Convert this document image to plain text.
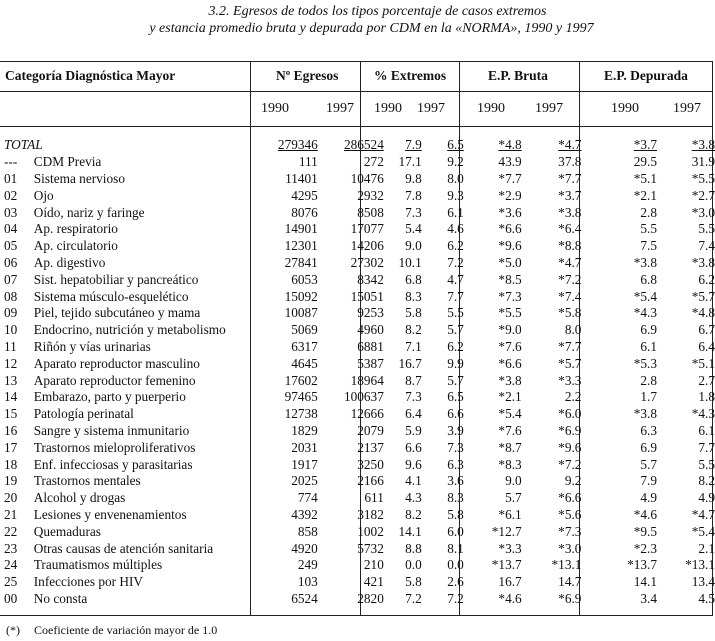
3.2. Egresos de todos los tipos porcentaje de casos extremos
y estancia promedio bruta y depurada por CDM en la «NORMA», 1990 y 1997
Categoría Diagnóstica Mayor	Nº Egresos	% Extremos	E.P. Bruta	E.P. Depurada
1990	1997	1990	1997	1990	1997	1990	1997
TOTAL		279346	286524	7.9	6.5	*4.8	*4.7	*3.7	*3.8
---	CDM Previa	111	272	17.1	9.2	43.9	37.8	29.5	31.9
01	Sistema nervioso	11401	10476	9.8	8.0	*7.7	*7.7	*5.1	*5.5
02	Ojo	4295	2932	7.8	9.3	*2.9	*3.7	*2.1	*2.7
03	Oído, nariz y faringe	8076	8508	7.3	6.1	*3.6	*3.8	2.8	*3.0
04	Ap. respiratorio	14901	17077	5.4	4.6	*6.6	*6.4	5.5	5.5
05	Ap. circulatorio	12301	14206	9.0	6.2	*9.6	*8.8	7.5	7.4
06	Ap. digestivo	27841	27302	10.1	7.2	*5.0	*4.7	*3.8	*3.8
07	Sist. hepatobiliar y pancreático	6053	8342	6.8	4.7	*8.5	*7.2	6.8	6.2
08	Sistema músculo-esquelético	15092	15051	8.3	7.7	*7.3	*7.4	*5.4	*5.7
09	Piel, tejido subcutáneo y mama	10087	9253	5.8	5.5	*5.5	*5.8	*4.3	*4.8
10	Endocrino, nutrición y metabolismo	5069	4960	8.2	5.7	*9.0	8.0	6.9	6.7
11	Riñón y vías urinarias	6317	6881	7.1	6.2	*7.6	*7.7	6.1	6.4
12	Aparato reproductor masculino	4645	5387	16.7	9.9	*6.6	*5.7	*5.3	*5.1
13	Aparato reproductor femenino	17602	18964	8.7	5.7	*3.8	*3.3	2.8	2.7
14	Embarazo, parto y puerperio	97465	100637	7.3	6.5	*2.1	2.2	1.7	1.8
15	Patología perinatal	12738	12666	6.4	6.6	*5.4	*6.0	*3.8	*4.3
16	Sangre y sistema inmunitario	1829	2079	5.9	3.9	*7.6	*6.9	6.3	6.1
17	Trastornos mieloproliferativos	2031	2137	6.6	7.3	*8.7	*9.6	6.9	7.7
18	Enf. infecciosas y parasitarias	1917	3250	9.6	6.3	*8.3	*7.2	5.7	5.5
19	Trastornos mentales	2025	2166	4.1	3.6	9.0	9.2	7.9	8.2
20	Alcohol y drogas	774	611	4.3	8.3	5.7	*6.6	4.9	4.9
21	Lesiones y envenenamientos	4392	3182	8.2	5.8	*6.1	*5.6	*4.6	*4.7
22	Quemaduras	858	1002	14.1	6.0	*12.7	*7.3	*9.5	*5.4
23	Otras causas de atención sanitaria	4920	5732	8.8	8.1	*3.3	*3.0	*2.3	2.1
24	Traumatismos múltiples	249	210	0.0	0.0	*13.7	*13.1	*13.7	*13.1
25	Infecciones por HIV	103	421	5.8	2.6	16.7	14.7	14.1	13.4
00	No consta	6524	2820	7.2	7.2	*4.6	*6.9	3.4	4.5
(*) Coeficiente de variación mayor de 1.0
